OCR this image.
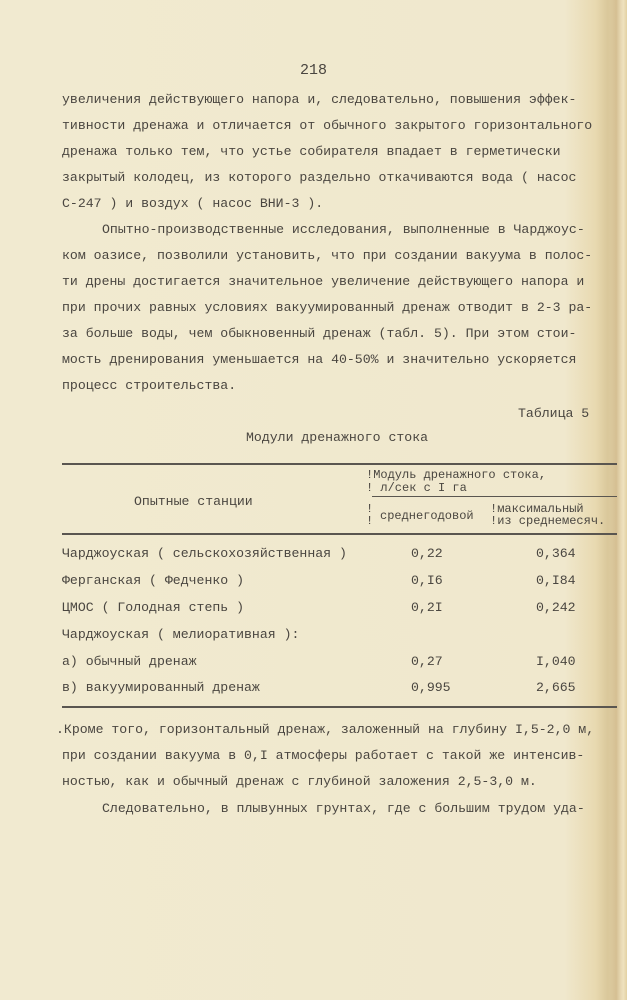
218
увеличения действующего напора и, следовательно, повышения эффек-
тивности дренажа и отличается от обычного закрытого горизонтального
дренажа только тем, что устье собирателя впадает в герметически
закрытый колодец, из которого раздельно откачиваются вода ( насос
С-247 ) и воздух ( насос ВНИ-3 ).
Опытно-производственные исследования, выполненные в Чарджоус-
ком оазисе, позволили установить, что при создании вакуума в полос-
ти дрены достигается значительное увеличение действующего напора и
при прочих равных условиях вакуумированный дренаж отводит в 2-3 ра-
за больше воды, чем обыкновенный дренаж (табл. 5). При этом стои-
мость дренирования уменьшается на 40-50% и значительно ускоряется
процесс строительства.
Таблица 5
Модули дренажного стока
Опытные станции
!Модуль дренажного стока,
! л/сек с I га
!
! среднегодовой !максимальный
!из среднемесяч.
Чарджоуская ( сельскохозяйственная )	0,22	0,364
Ферганская ( Федченко )	0,I6	0,I84
ЦМОС ( Голодная степь )	0,2I	0,242
Чарджоуская ( мелиоративная ):
а) обычный дренаж	0,27	I,040
в) вакуумированный дренаж	0,995	2,665
.Кроме того, горизонтальный дренаж, заложенный на глубину I,5-2,0 м,
при создании вакуума в 0,I атмосферы работает с такой же интенсив-
ностью, как и обычный дренаж с глубиной заложения 2,5-3,0 м.
Следовательно, в плывунных грунтах, где с большим трудом уда-
